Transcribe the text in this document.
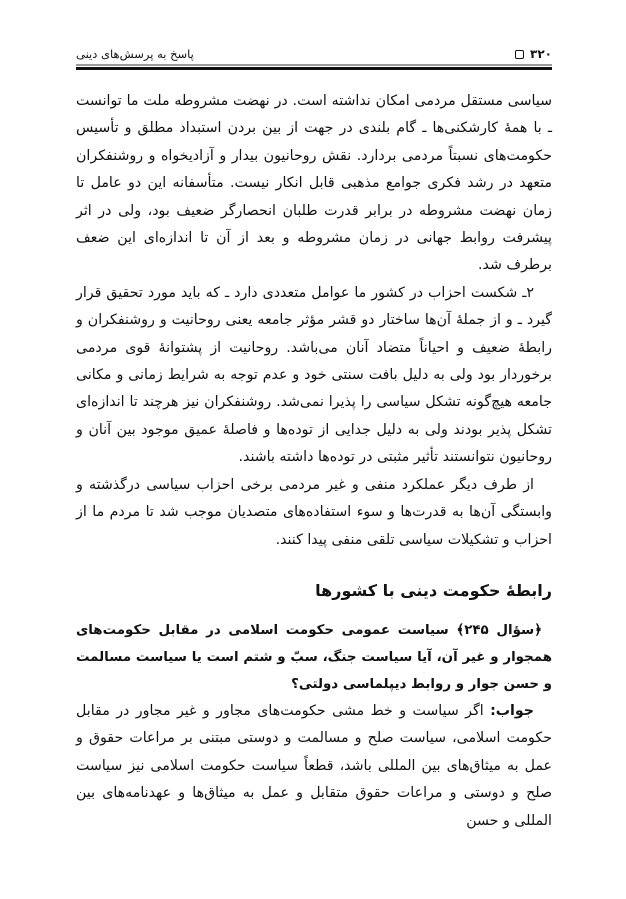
پاسخ به پرسش‌های دینی	۳۲۰

سیاسی مستقل مردمی امکان نداشته است. در نهضت مشروطه ملت ما توانست ـ با همهٔ کارشکنی‌ها ـ گام بلندی در جهت از بین بردن استبداد مطلق و تأسیس حکومت‌های نسبتاً مردمی بردارد. نقش روحانیون بیدار و آزادیخواه و روشنفکران متعهد در رشد فکری جوامع مذهبی قابل انکار نیست. متأسفانه این دو عامل تا زمان نهضت مشروطه در برابر قدرت طلبان انحصارگر ضعیف بود، ولی در اثر پیشرفت روابط جهانی در زمان مشروطه و بعد از آن تا اندازه‌ای این ضعف برطرف شد.

۲ـ شکست احزاب در کشور ما عوامل متعددی دارد ـ که باید مورد تحقیق قرار گیرد ـ و از جملهٔ آن‌ها ساختار دو قشر مؤثر جامعه یعنی روحانیت و روشنفکران و رابطهٔ ضعیف و احیاناً متضاد آنان می‌باشد. روحانیت از پشتوانهٔ قوی مردمی برخوردار بود ولی به دلیل بافت سنتی خود و عدم توجه به شرایط زمانی و مکانی جامعه هیچ‌گونه تشکل سیاسی را پذیرا نمی‌شد. روشنفکران نیز هرچند تا اندازه‌ای تشکل پذیر بودند ولی به دلیل جدایی از توده‌ها و فاصلهٔ عمیق موجود بین آنان و روحانیون نتوانستند تأثیر مثبتی در توده‌ها داشته باشند.

از طرف دیگر عملکرد منفی و غیر مردمی برخی احزاب سیاسی درگذشته و وابستگی آن‌ها به قدرت‌ها و سوء استفاده‌های متصدیان موجب شد تا مردم ما از احزاب و تشکیلات سیاسی تلقی منفی پیدا کنند.

رابطهٔ حکومت دینی با کشورها

﴿سؤال ۲۴۵﴾ سیاست عمومی حکومت اسلامی در مقابل حکومت‌های همجوار و غیر آن، آیا سیاست جنگ، سبّ و شتم است یا سیاست مسالمت و حسن جوار و روابط دیپلماسی دولتی؟

جواب: اگر سیاست و خط مشی حکومت‌های مجاور و غیر مجاور در مقابل حکومت اسلامی، سیاست صلح و مسالمت و دوستی مبتنی بر مراعات حقوق و عمل به میثاق‌های بین المللی باشد، قطعاً سیاست حکومت اسلامی نیز سیاست صلح و دوستی و مراعات حقوق متقابل و عمل به میثاق‌ها و عهدنامه‌های بین المللی و حسن
